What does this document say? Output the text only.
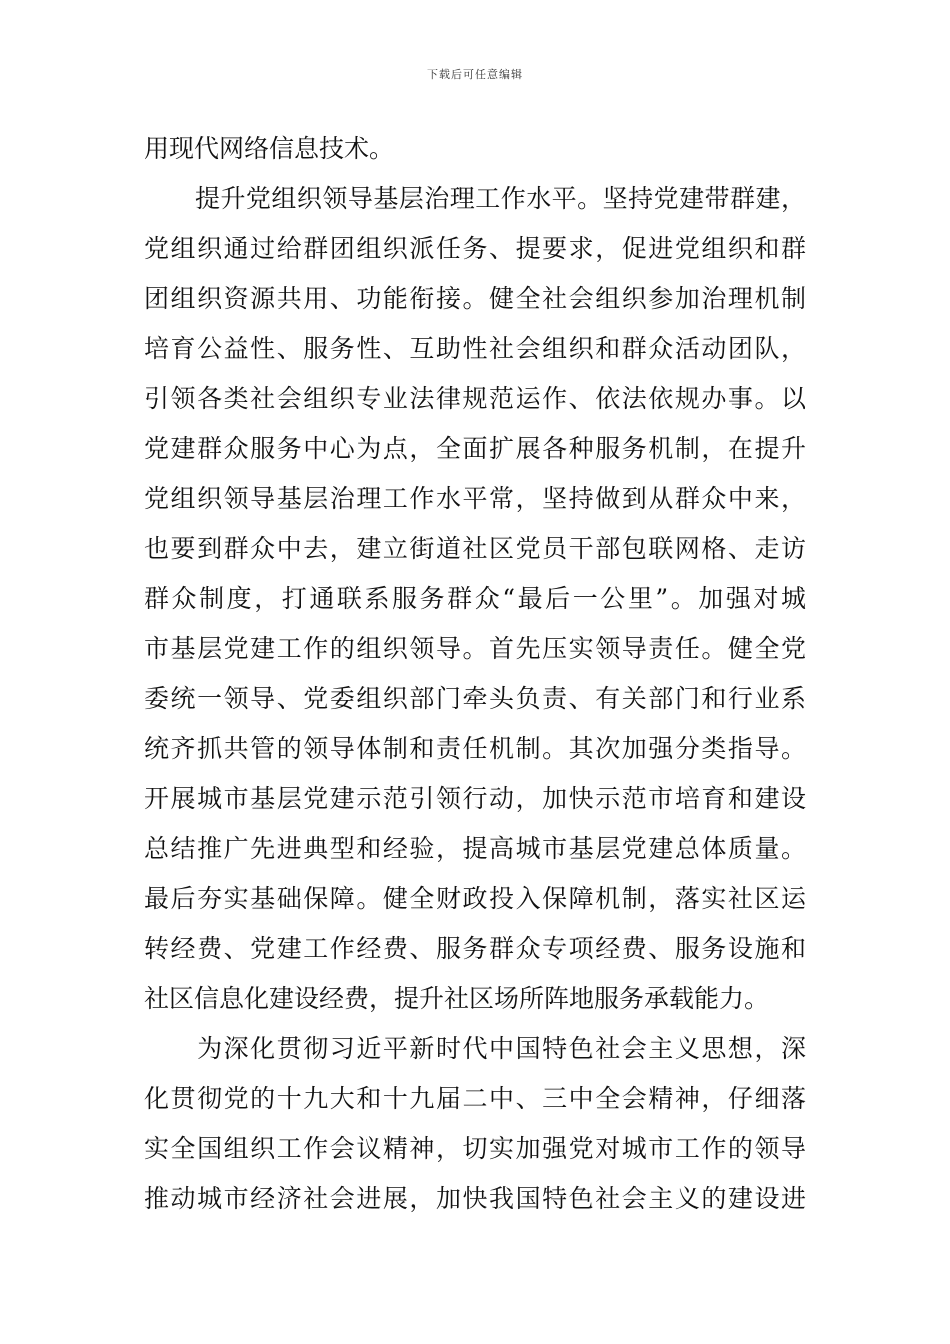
下载后可任意编辑
用现代网络信息技术。
　　提升党组织领导基层治理工作水平。坚持党建带群建，
党组织通过给群团组织派任务、提要求，促进党组织和群
团组织资源共用、功能衔接。健全社会组织参加治理机制
培育公益性、服务性、互助性社会组织和群众活动团队，
引领各类社会组织专业法律规范运作、依法依规办事。以
党建群众服务中心为点，全面扩展各种服务机制，在提升
党组织领导基层治理工作水平常，坚持做到从群众中来，
也要到群众中去，建立街道社区党员干部包联网格、走访
群众制度，打通联系服务群众“最后一公里”。加强对城
市基层党建工作的组织领导。首先压实领导责任。健全党
委统一领导、党委组织部门牵头负责、有关部门和行业系
统齐抓共管的领导体制和责任机制。其次加强分类指导。
开展城市基层党建示范引领行动，加快示范市培育和建设
总结推广先进典型和经验，提高城市基层党建总体质量。
最后夯实基础保障。健全财政投入保障机制，落实社区运
转经费、党建工作经费、服务群众专项经费、服务设施和
社区信息化建设经费，提升社区场所阵地服务承载能力。
　　为深化贯彻习近平新时代中国特色社会主义思想，深
化贯彻党的十九大和十九届二中、三中全会精神，仔细落
实全国组织工作会议精神，切实加强党对城市工作的领导
推动城市经济社会进展，加快我国特色社会主义的建设进
